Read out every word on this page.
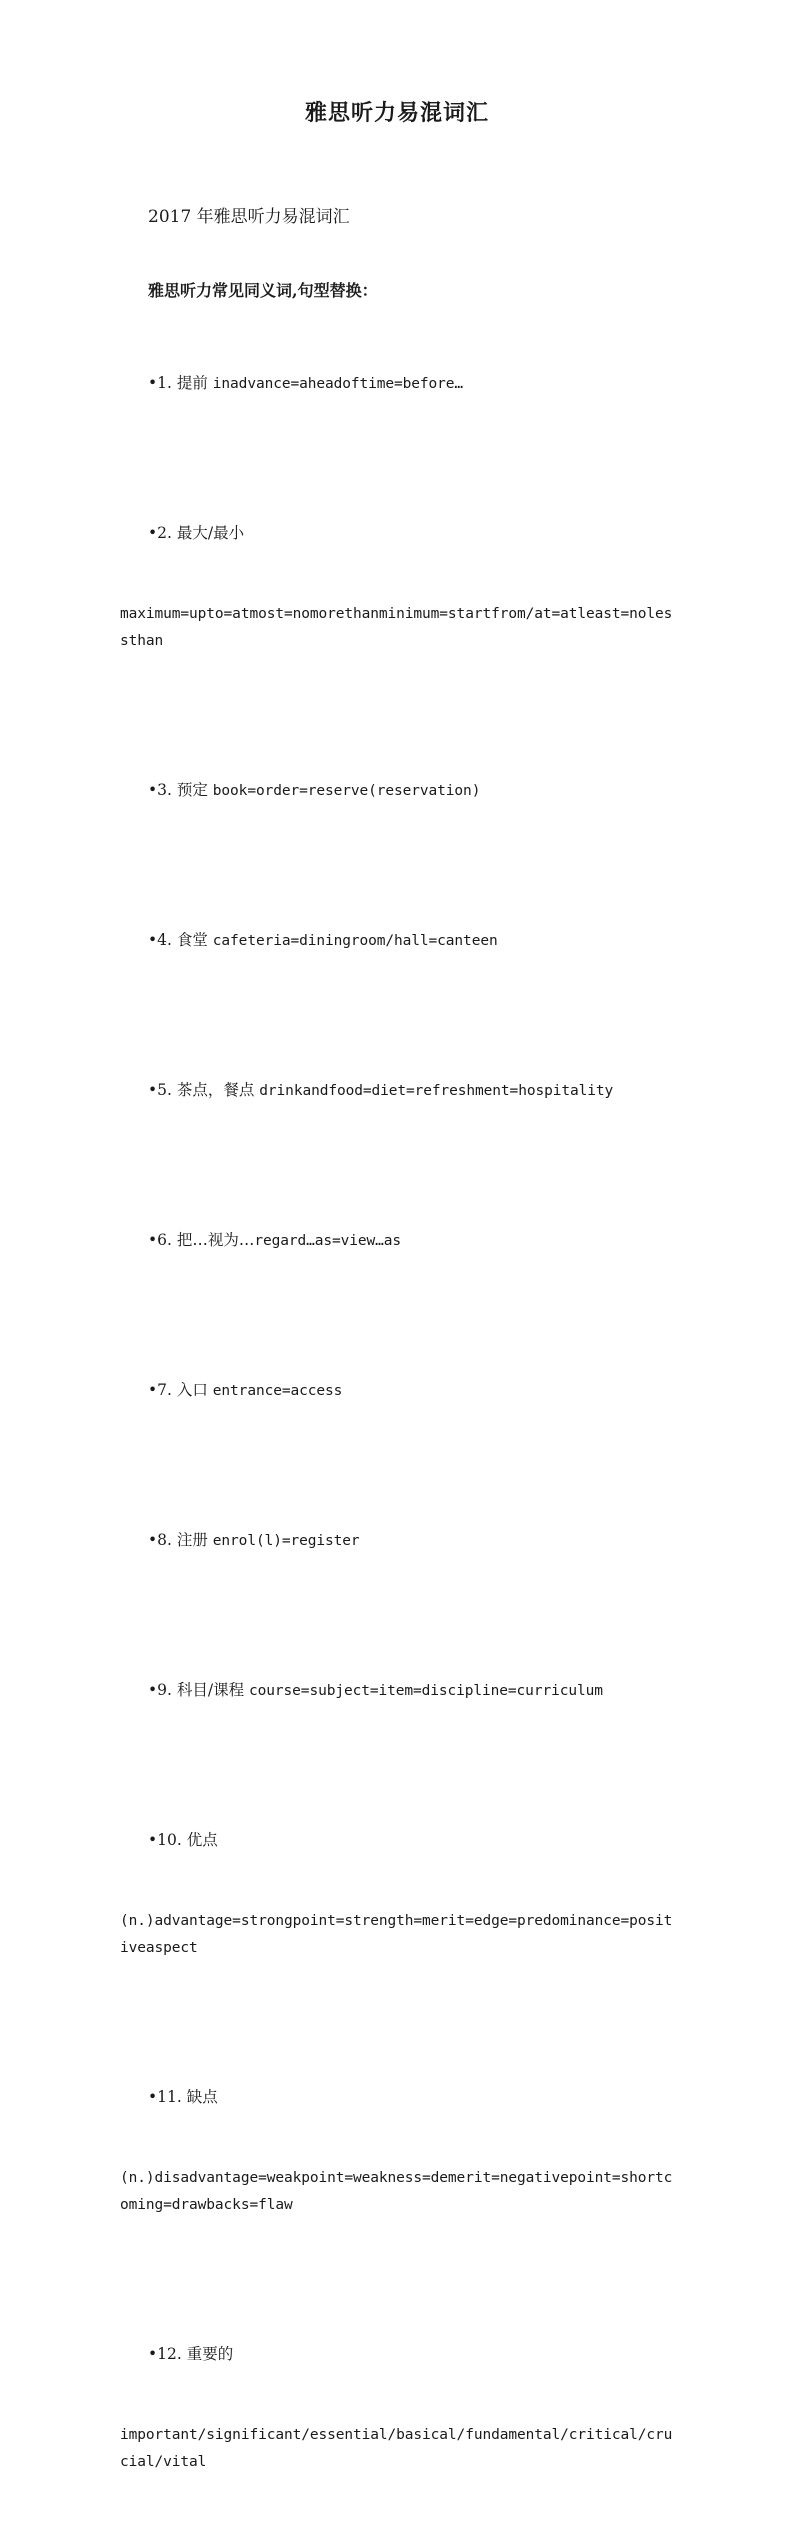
雅思听力易混词汇
2017 年雅思听力易混词汇
雅思听力常见同义词,句型替换：

•1. 提前 inadvance=aheadoftime=before…

•2. 最大/最小

maximum=upto=atmost=nomorethanminimum=startfrom/at=atleast=nolessthan

•3. 预定 book=order=reserve(reservation)

•4. 食堂 cafeteria=diningroom/hall=canteen

•5. 茶点，餐点 drinkandfood=diet=refreshment=hospitality

•6. 把…视为…regard…as=view…as

•7. 入口 entrance=access

•8. 注册 enrol(l)=register

•9. 科目/课程 course=subject=item=discipline=curriculum

•10. 优点

(n.)advantage=strongpoint=strength=merit=edge=predominance=positiveaspect

•11. 缺点

(n.)disadvantage=weakpoint=weakness=demerit=negativepoint=shortcoming=drawbacks=flaw

•12. 重要的

important/significant/essential/basical/fundamental/critical/crucial/vital
